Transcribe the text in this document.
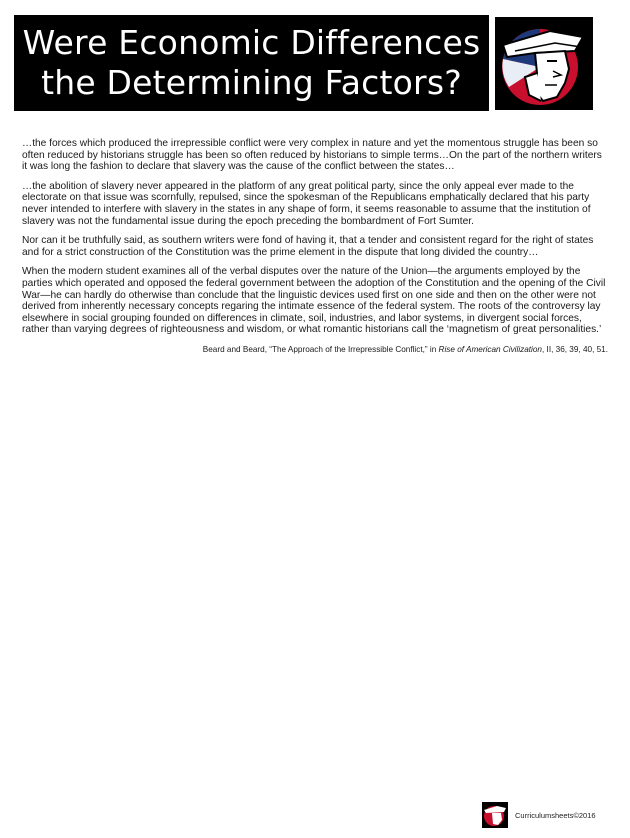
Were Economic Differences
the Determining Factors?

…the forces which produced the irrepressible conflict were very complex in nature and yet the momentous struggle has been so often reduced by historians struggle has been so often reduced by historians to simple terms…On the part of the northern writers it was long the fashion to declare that slavery was the cause of the conflict between the states…

…the abolition of slavery never appeared in the platform of any great political party, since the only appeal ever made to the electorate on that issue was scornfully, repulsed, since the spokesman of the Republicans emphatically declared that his party never intended to interfere with slavery in the states in any shape of form, it seems reasonable to assume that the institution of slavery was not the fundamental issue during the epoch preceding the bombardment of Fort Sumter.

Nor can it be truthfully said, as southern writers were fond of having it, that a tender and consistent regard for the right of states and for a strict construction of the Constitution was the prime element in the dispute that long divided the country…

When the modern student examines all of the verbal disputes over the nature of the Union—the arguments employed by the parties which operated and opposed the federal government between the adoption of the Constitution and the opening of the Civil War—he can hardly do otherwise than conclude that the linguistic devices used first on one side and then on the other were not derived from inherently necessary concepts regaring the intimate essence of the federal system. The roots of the controversy lay elsewhere in social grouping founded on differences in climate, soil, industries, and labor systems, in divergent social forces, rather than varying degrees of righteousness and wisdom, or what romantic historians call the ‘magnetism of great personalities.’

Beard and Beard, “The Approach of the Irrepressible Conflict,” in Rise of American Civilization, II, 36, 39, 40, 51.
Curriculumsheets©2016
